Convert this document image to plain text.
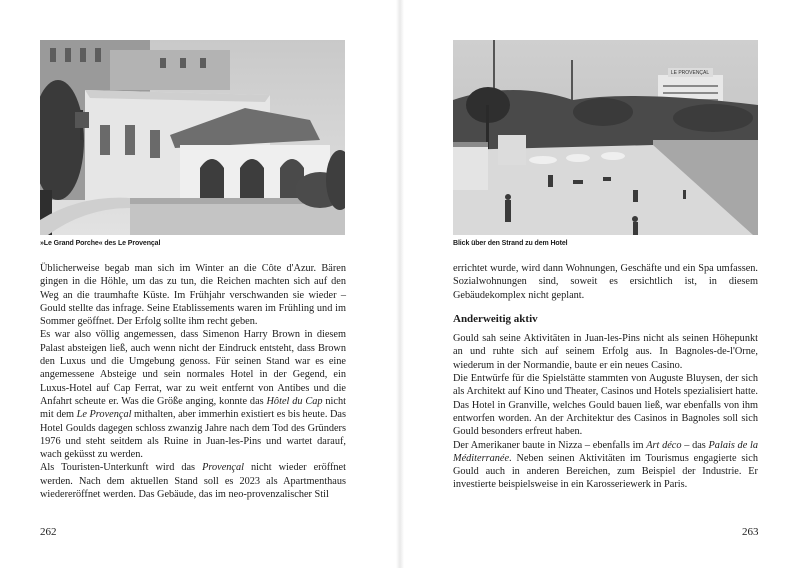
»Le Grand Porche« des Le Provençal

Üblicherweise begab man sich im Winter an die Côte d'Azur. Bären gingen in die Höhle, um das zu tun, die Reichen machten sich auf den Weg an die traumhafte Küste. Im Frühjahr verschwanden sie wieder – Gould stellte das infrage. Seine Etablissements waren im Frühling und im Sommer geöffnet. Der Erfolg sollte ihm recht geben.

Es war also völlig angemessen, dass Simenon Harry Brown in diesem Palast absteigen ließ, auch wenn nicht der Eindruck entsteht, dass Brown den Luxus und die Umgebung genoss. Für seinen Stand war es eine angemessene Absteige und sein normales Hotel in der Gegend, ein Luxus-Hotel auf Cap Ferrat, war zu weit entfernt von Antibes und die Anfahrt scheute er. Was die Größe anging, konnte das Hôtel du Cap nicht mit dem Le Provençal mithalten, aber immerhin existiert es bis heute. Das Hotel Goulds dagegen schloss zwanzig Jahre nach dem Tod des Gründers 1976 und steht seitdem als Ruine in Juan-les-Pins und wartet darauf, wach geküsst zu werden.

Als Touristen-Unterkunft wird das Provençal nicht wieder eröffnet werden. Nach dem aktuellen Stand soll es 2023 als Apartmenthaus wiedereröffnet werden. Das Gebäude, das im neo-provenzalischer Stil

262
LE PROVENÇAL
Blick über den Strand zu dem Hotel

errichtet wurde, wird dann Wohnungen, Geschäfte und ein Spa umfassen. Sozialwohnungen sind, soweit es ersichtlich ist, in diesem Gebäudekomplex nicht geplant.

Anderweitig aktiv

Gould sah seine Aktivitäten in Juan-les-Pins nicht als seinen Höhepunkt an und ruhte sich auf seinem Erfolg aus. In Bagnoles-de-l'Orne, wiederum in der Normandie, baute er ein neues Casino.

Die Entwürfe für die Spielstätte stammten von Auguste Bluysen, der sich als Architekt auf Kino und Theater, Casinos und Hotels spezialisiert hatte. Das Hotel in Granville, welches Gould bauen ließ, war ebenfalls von ihm entworfen worden. An der Architektur des Casinos in Bagnoles soll sich Gould besonders erfreut haben.

Der Amerikaner baute in Nizza – ebenfalls im Art déco – das Palais de la Méditerranée. Neben seinen Aktivitäten im Tourismus engagierte sich Gould auch in anderen Bereichen, zum Beispiel der Industrie. Er investierte beispielsweise in ein Karosseriewerk in Paris.

263
